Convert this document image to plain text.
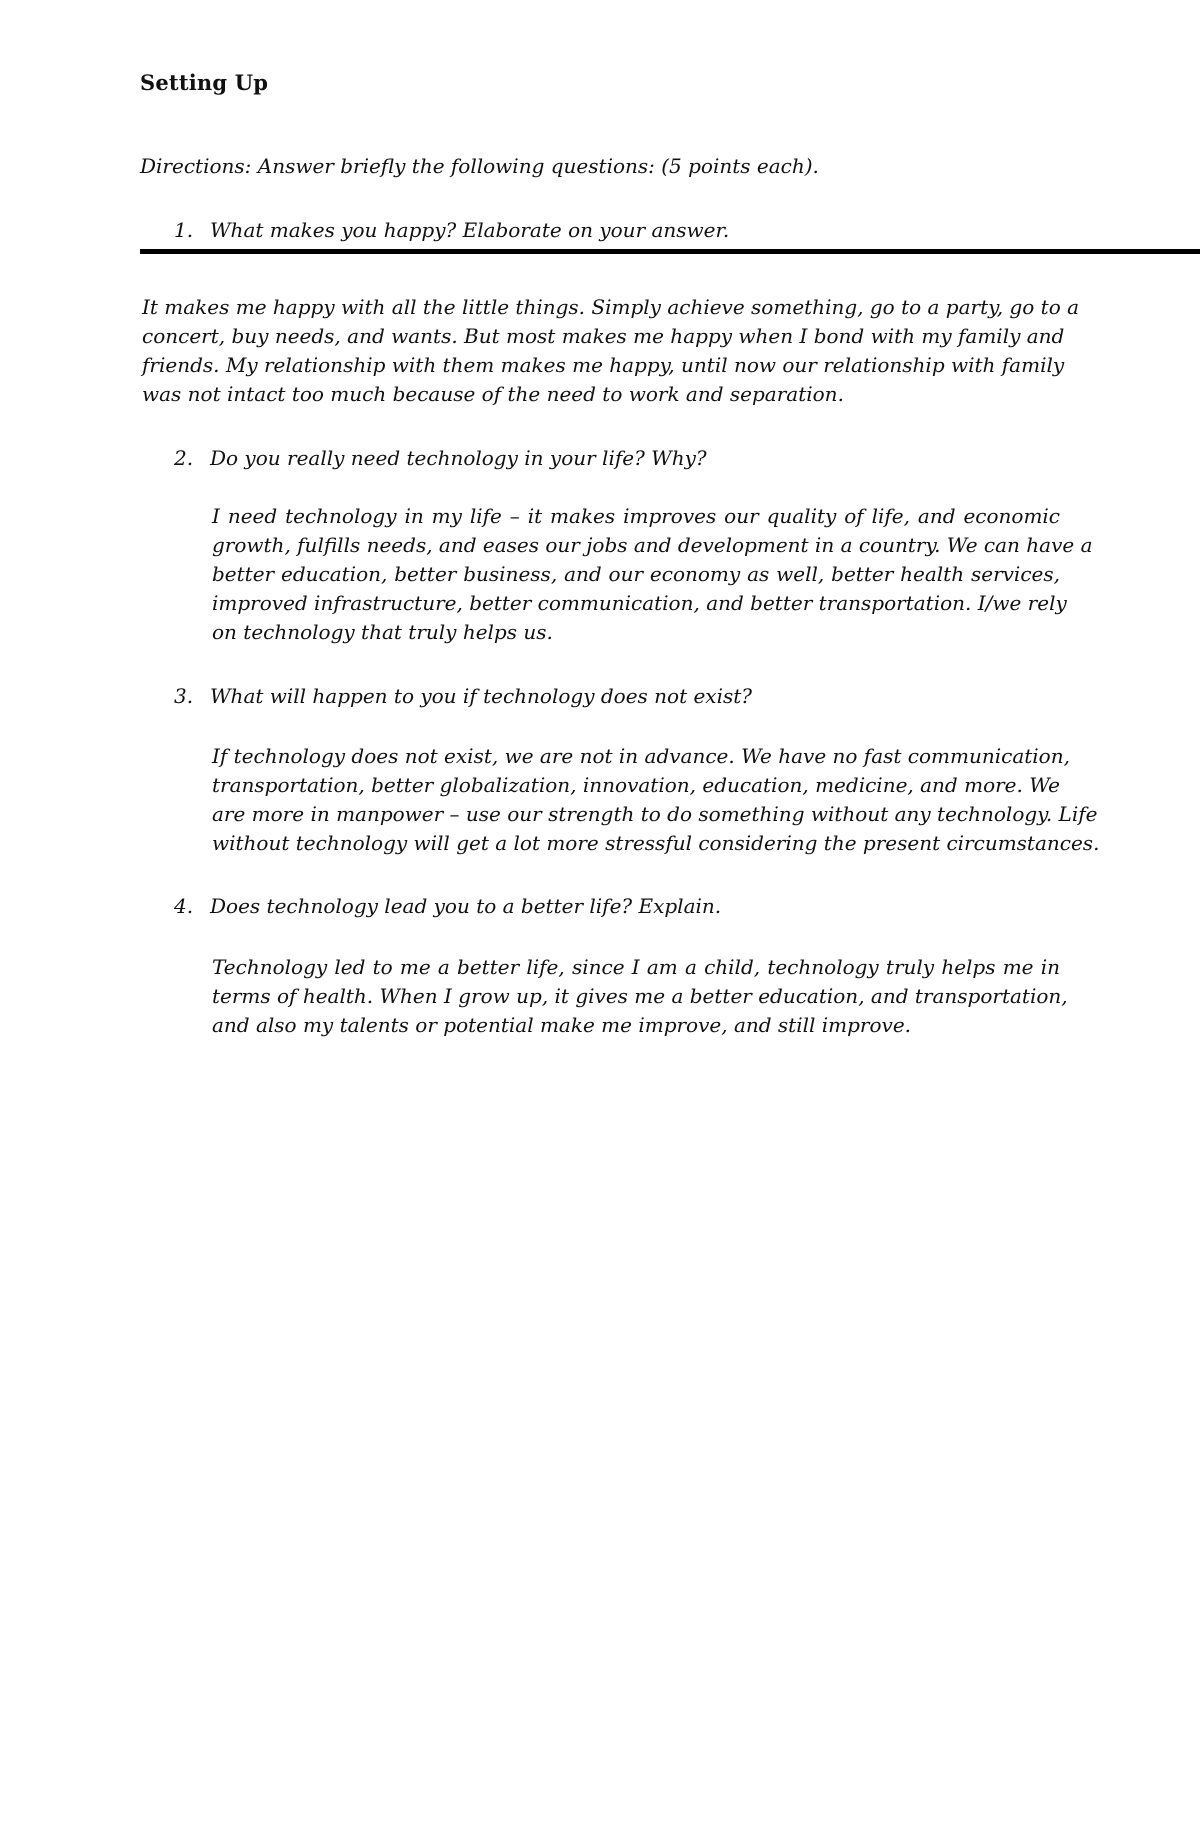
Setting Up
Directions: Answer briefly the following questions: (5 points each).
1. What makes you happy? Elaborate on your answer.
It makes me happy with all the little things. Simply achieve something, go to a party, go to a
concert, buy needs, and wants. But most makes me happy when I bond with my family and
friends. My relationship with them makes me happy, until now our relationship with family
was not intact too much because of the need to work and separation.
2. Do you really need technology in your life? Why?
I need technology in my life – it makes improves our quality of life, and economic
growth, fulfills needs, and eases our jobs and development in a country. We can have a
better education, better business, and our economy as well, better health services,
improved infrastructure, better communication, and better transportation. I/we rely
on technology that truly helps us.
3. What will happen to you if technology does not exist?
If technology does not exist, we are not in advance. We have no fast communication,
transportation, better globalization, innovation, education, medicine, and more. We
are more in manpower – use our strength to do something without any technology. Life
without technology will get a lot more stressful considering the present circumstances.
4. Does technology lead you to a better life? Explain.
Technology led to me a better life, since I am a child, technology truly helps me in
terms of health. When I grow up, it gives me a better education, and transportation,
and also my talents or potential make me improve, and still improve.
